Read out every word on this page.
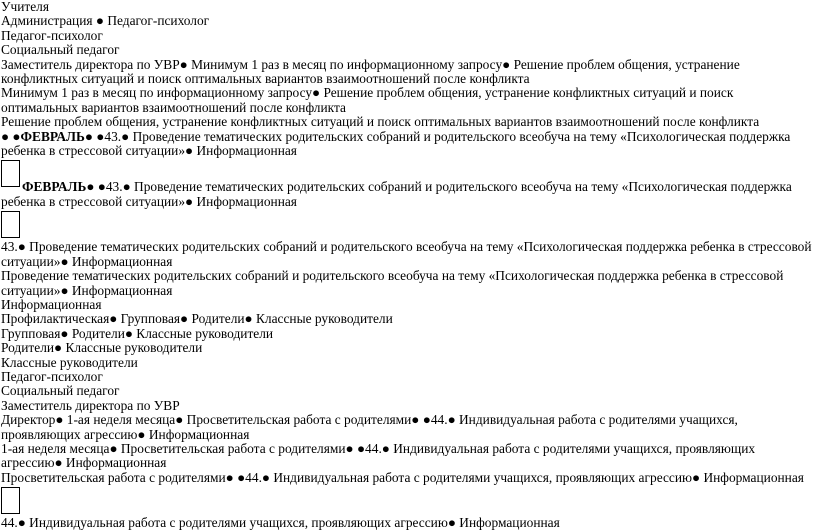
Учителя
Администрация ● Педагог-психолог
Педагог-психолог
Социальный педагог
Заместитель директора по УВР● Минимум 1 раз в месяц по информационному запросу● Решение проблем общения, устранение конфликтных ситуаций и поиск оптимальных вариантов взаимоотношений после конфликта
Минимум 1 раз в месяц по информационному запросу● Решение проблем общения, устранение конфликтных ситуаций и поиск оптимальных вариантов взаимоотношений после конфликта
Решение проблем общения, устранение конфликтных ситуаций и поиск оптимальных вариантов взаимоотношений после конфликта
● ●ФЕВРАЛЬ● ●43.● Проведение тематических родительских собраний и родительского всеобуча на тему «Психологическая поддержка ребенка в стрессовой ситуации»● Информационная
ФЕВРАЛЬ● ●43.● Проведение тематических родительских собраний и родительского всеобуча на тему «Психологическая поддержка ребенка в стрессовой ситуации»● Информационная
43.● Проведение тематических родительских собраний и родительского всеобуча на тему «Психологическая поддержка ребенка в стрессовой ситуации»● Информационная
Проведение тематических родительских собраний и родительского всеобуча на тему «Психологическая поддержка ребенка в стрессовой ситуации»● Информационная
Информационная
Профилактическая● Групповая● Родители● Классные руководители
Групповая● Родители● Классные руководители
Родители● Классные руководители
Классные руководители
Педагог-психолог
Социальный педагог
Заместитель директора по УВР
Директор● 1-ая неделя месяца● Просветительская работа с родителями● ●44.● Индивидуальная работа с родителями учащихся, проявляющих агрессию● Информационная
1-ая неделя месяца● Просветительская работа с родителями● ●44.● Индивидуальная работа с родителями учащихся, проявляющих агрессию● Информационная
Просветительская работа с родителями● ●44.● Индивидуальная работа с родителями учащихся, проявляющих агрессию● Информационная
44.● Индивидуальная работа с родителями учащихся, проявляющих агрессию● Информационная
